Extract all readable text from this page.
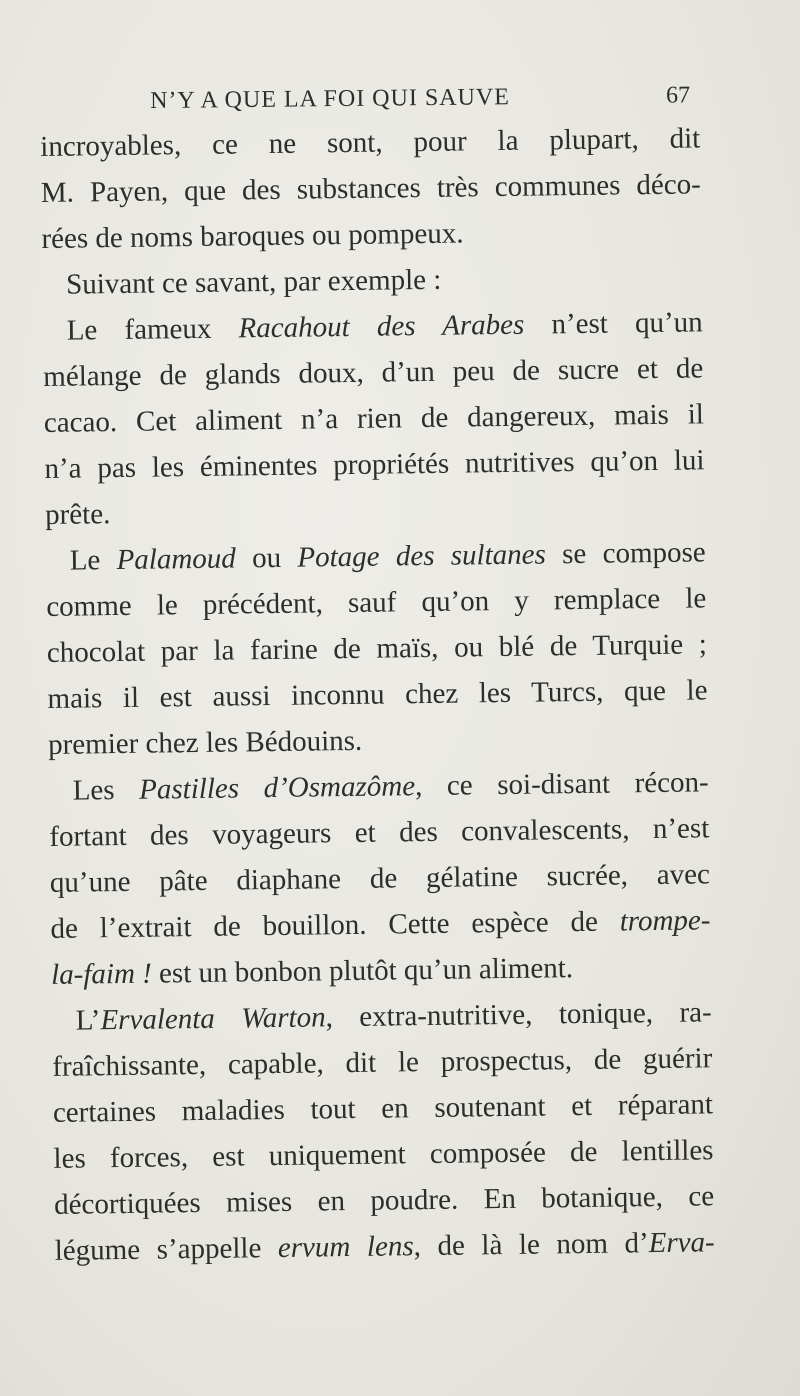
N’Y A QUE LA FOI QUI SAUVE	67
incroyables, ce ne sont, pour la plupart, dit
M. Payen, que des substances très communes déco-
rées de noms baroques ou pompeux.
Suivant ce savant, par exemple :
Le fameux Racahout des Arabes n’est qu’un
mélange de glands doux, d’un peu de sucre et de
cacao. Cet aliment n’a rien de dangereux, mais il
n’a pas les éminentes propriétés nutritives qu’on lui
prête.
Le Palamoud ou Potage des sultanes se compose
comme le précédent, sauf qu’on y remplace le
chocolat par la farine de maïs, ou blé de Turquie ;
mais il est aussi inconnu chez les Turcs, que le
premier chez les Bédouins.
Les Pastilles d’Osmazôme, ce soi-disant récon-
fortant des voyageurs et des convalescents, n’est
qu’une pâte diaphane de gélatine sucrée, avec
de l’extrait de bouillon. Cette espèce de trompe-
la-faim ! est un bonbon plutôt qu’un aliment.
L’Ervalenta Warton, extra-nutritive, tonique, ra-
fraîchissante, capable, dit le prospectus, de guérir
certaines maladies tout en soutenant et réparant
les forces, est uniquement composée de lentilles
décortiquées mises en poudre. En botanique, ce
légume s’appelle ervum lens, de là le nom d’Erva-
